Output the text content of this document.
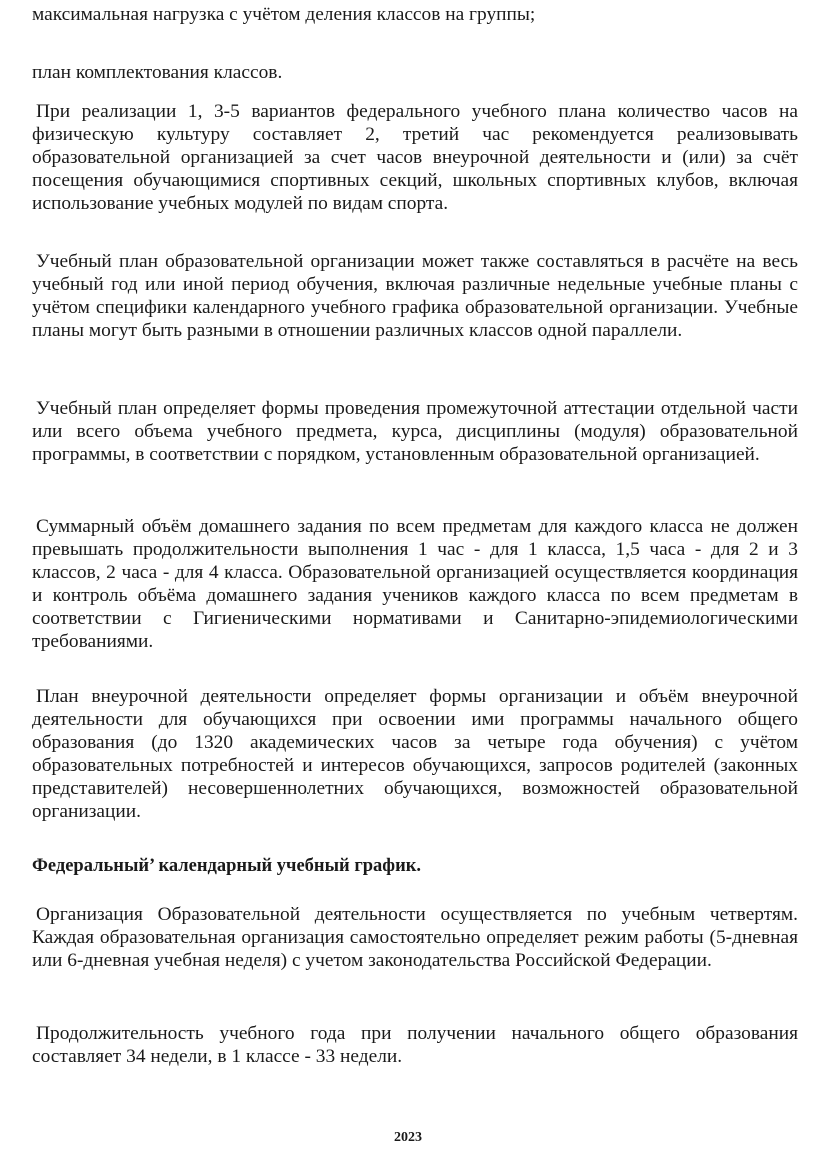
максимальная нагрузка с учётом деления классов на группы;

план комплектования классов.

При реализации 1, 3-5 вариантов федерального учебного плана количество часов на физическую культуру составляет 2, третий час рекомендуется реализовывать образовательной организацией за счет часов внеурочной деятельности и (или) за счёт посещения обучающимися спортивных секций, школьных спортивных клубов, включая использование учебных модулей по видам спорта.

Учебный план образовательной организации может также составляться в расчёте на весь учебный год или иной период обучения, включая различные недельные учебные планы с учётом специфики календарного учебного графика образовательной организации. Учебные планы могут быть разными в отношении различных классов одной параллели.

Учебный план определяет формы проведения промежуточной аттестации отдельной части или всего объема учебного предмета, курса, дисциплины (модуля) образовательной программы, в соответствии с порядком, установленным образовательной организацией.

Суммарный объём домашнего задания по всем предметам для каждого класса не должен превышать продолжительности выполнения 1 час - для 1 класса, 1,5 часа - для 2 и 3 классов, 2 часа - для 4 класса. Образовательной организацией осуществляется координация и контроль объёма домашнего задания учеников каждого класса по всем предметам в соответствии с Гигиеническими нормативами и Санитарно-эпидемиологическими требованиями.

План внеурочной деятельности определяет формы организации и объём внеурочной деятельности для обучающихся при освоении ими программы начального общего образования (до 1320 академических часов за четыре года обучения) с учётом образовательных потребностей и интересов обучающихся, запросов родителей (законных представителей) несовершеннолетних обучающихся, возможностей образовательной организации.

Федеральный’ календарный учебный график.

Организация Образовательной деятельности осуществляется по учебным четвертям. Каждая образовательная организация самостоятельно определяет режим работы (5-дневная или 6-дневная учебная неделя) с учетом законодательства Российской Федерации.

Продолжительность учебного года при получении начального общего образования составляет 34 недели, в 1 классе - 33 недели.

2023
